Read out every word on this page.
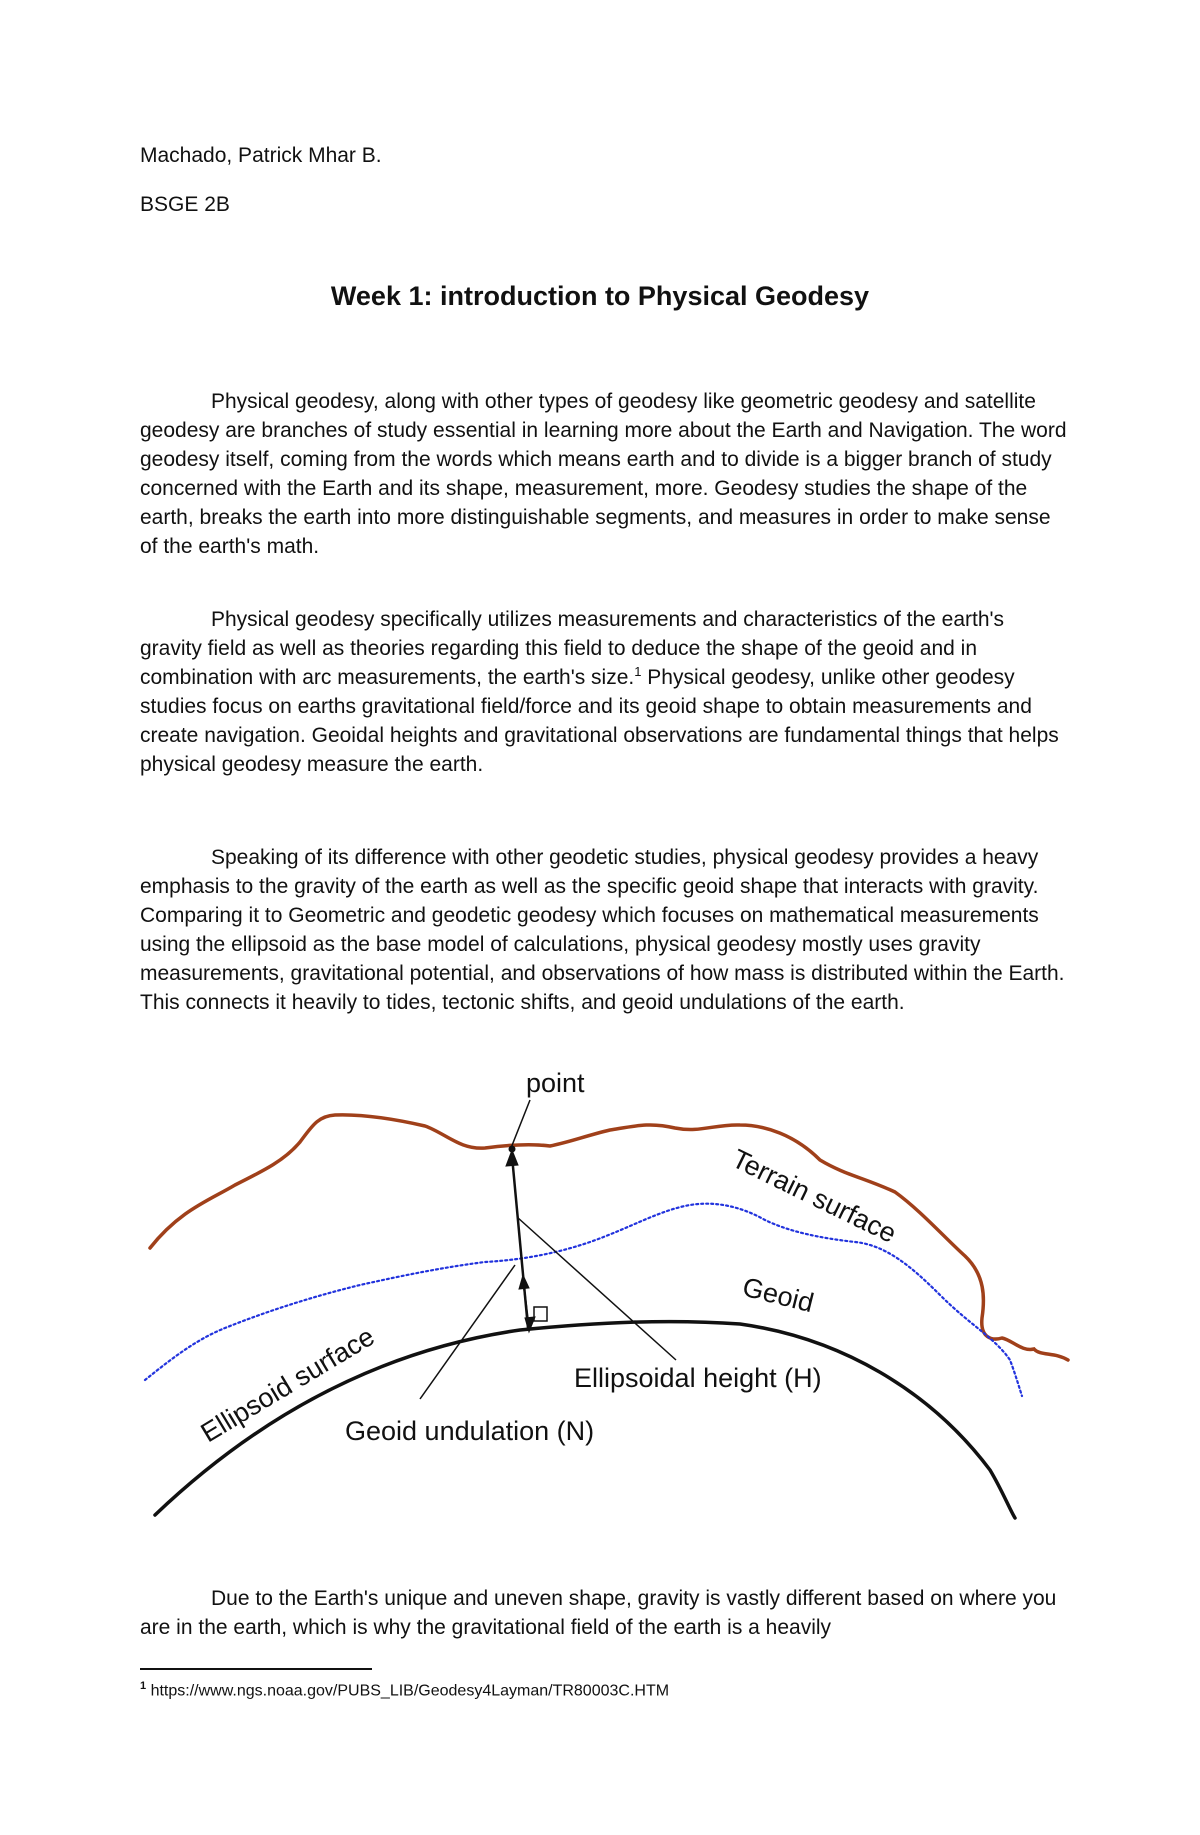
Machado, Patrick Mhar B.

BSGE 2B

Week 1: introduction to Physical Geodesy

Physical geodesy, along with other types of geodesy like geometric geodesy and satellite geodesy are branches of study essential in learning more about the Earth and Navigation. The word geodesy itself, coming from the words which means earth and to divide is a bigger branch of study concerned with the Earth and its shape, measurement, more. Geodesy studies the shape of the earth, breaks the earth into more distinguishable segments, and measures in order to make sense of the earth's math.

Physical geodesy specifically utilizes measurements and characteristics of the earth's gravity field as well as theories regarding this field to deduce the shape of the geoid and in combination with arc measurements, the earth's size.$^1$ Physical geodesy, unlike other geodesy studies focus on earths gravitational field/force and its geoid shape to obtain measurements and create navigation. Geoidal heights and gravitational observations are fundamental things that helps physical geodesy measure the earth.

Speaking of its difference with other geodetic studies, physical geodesy provides a heavy emphasis to the gravity of the earth as well as the specific geoid shape that interacts with gravity. Comparing it to Geometric and geodetic geodesy which focuses on mathematical measurements using the ellipsoid as the base model of calculations, physical geodesy mostly uses gravity measurements, gravitational potential, and observations of how mass is distributed within the Earth. This connects it heavily to tides, tectonic shifts, and geoid undulations of the earth.

point
Geoid
Ellipsoidal height (H)
Geoid undulation (N)
Terrain surface
Ellipsoid surface

Due to the Earth's unique and uneven shape, gravity is vastly different based on where you are in the earth, which is why the gravitational field of the earth is a heavily

$^1$ https://www.ngs.noaa.gov/PUBS_LIB/Geodesy4Layman/TR80003C.HTM
